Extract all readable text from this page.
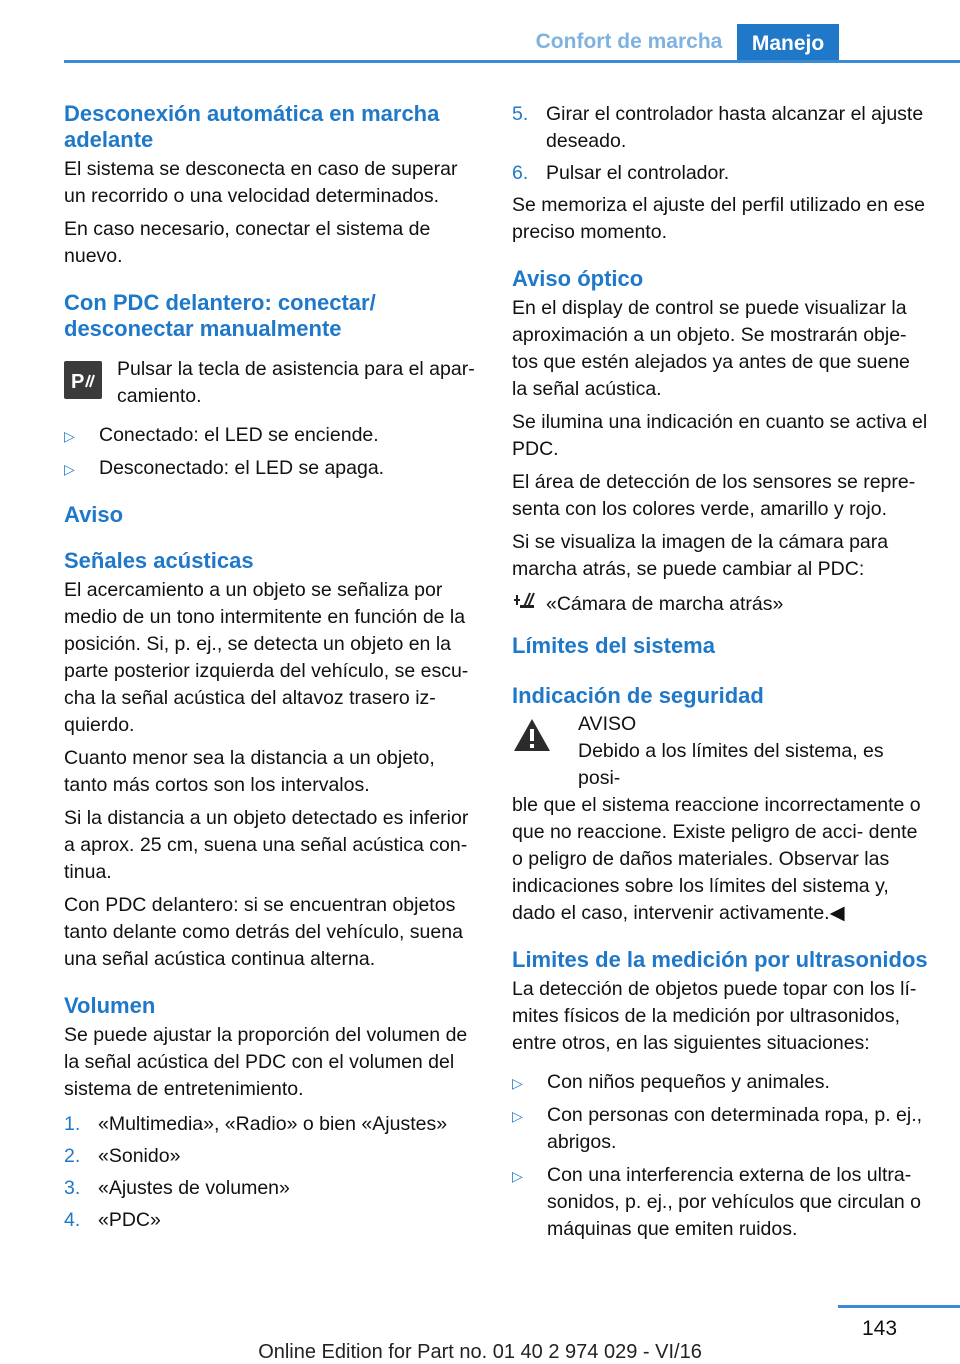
Confort de marcha	Manejo
Desconexión automática en marcha adelante

El sistema se desconecta en caso de superar un recorrido o una velocidad determinados.

En caso necesario, conectar el sistema de nuevo.

Con PDC delantero: conectar/ desconectar manualmente
P

Pulsar la tecla de asistencia para el apar- camiento.

▷ Conectado: el LED se enciende.
▷ Desconectado: el LED se apaga.
Aviso
Señales acústicas

El acercamiento a un objeto se señaliza por medio de un tono intermitente en función de la posición. Si, p. ej., se detecta un objeto en la parte posterior izquierda del vehículo, se escu- cha la señal acústica del altavoz trasero iz- quierdo.

Cuanto menor sea la distancia a un objeto, tanto más cortos son los intervalos.

Si la distancia a un objeto detectado es inferior a aprox. 25 cm, suena una señal acústica con- tinua.

Con PDC delantero: si se encuentran objetos tanto delante como detrás del vehículo, suena una señal acústica continua alterna.

Volumen

Se puede ajustar la proporción del volumen de la señal acústica del PDC con el volumen del sistema de entretenimiento.

1. «Multimedia», «Radio» o bien «Ajustes»
2. «Sonido»
3. «Ajustes de volumen»
4. «PDC»
5. Girar el controlador hasta alcanzar el ajuste deseado.
6. Pulsar el controlador.

Se memoriza el ajuste del perfil utilizado en ese preciso momento.

Aviso óptico

En el display de control se puede visualizar la aproximación a un objeto. Se mostrarán obje- tos que estén alejados ya antes de que suene la señal acústica.

Se ilumina una indicación en cuanto se activa el PDC.

El área de detección de los sensores se repre- senta con los colores verde, amarillo y rojo.

Si se visualiza la imagen de la cámara para marcha atrás, se puede cambiar al PDC:

«Cámara de marcha atrás»
Límites del sistema
Indicación de seguridad
AVISO
Debido a los límites del sistema, es posi-

ble que el sistema reaccione incorrectamente o que no reaccione. Existe peligro de acci- dente o peligro de daños materiales. Observar las indicaciones sobre los límites del sistema y, dado el caso, intervenir activamente.◀

Limites de la medición por ultrasonidos

La detección de objetos puede topar con los lí- mites físicos de la medición por ultrasonidos, entre otros, en las siguientes situaciones:

▷ Con niños pequeños y animales.
▷ Con personas con determinada ropa, p. ej., abrigos.
▷ Con una interferencia externa de los ultra- sonidos, p. ej., por vehículos que circulan o máquinas que emiten ruidos.
143
Online Edition for Part no. 01 40 2 974 029 - VI/16
